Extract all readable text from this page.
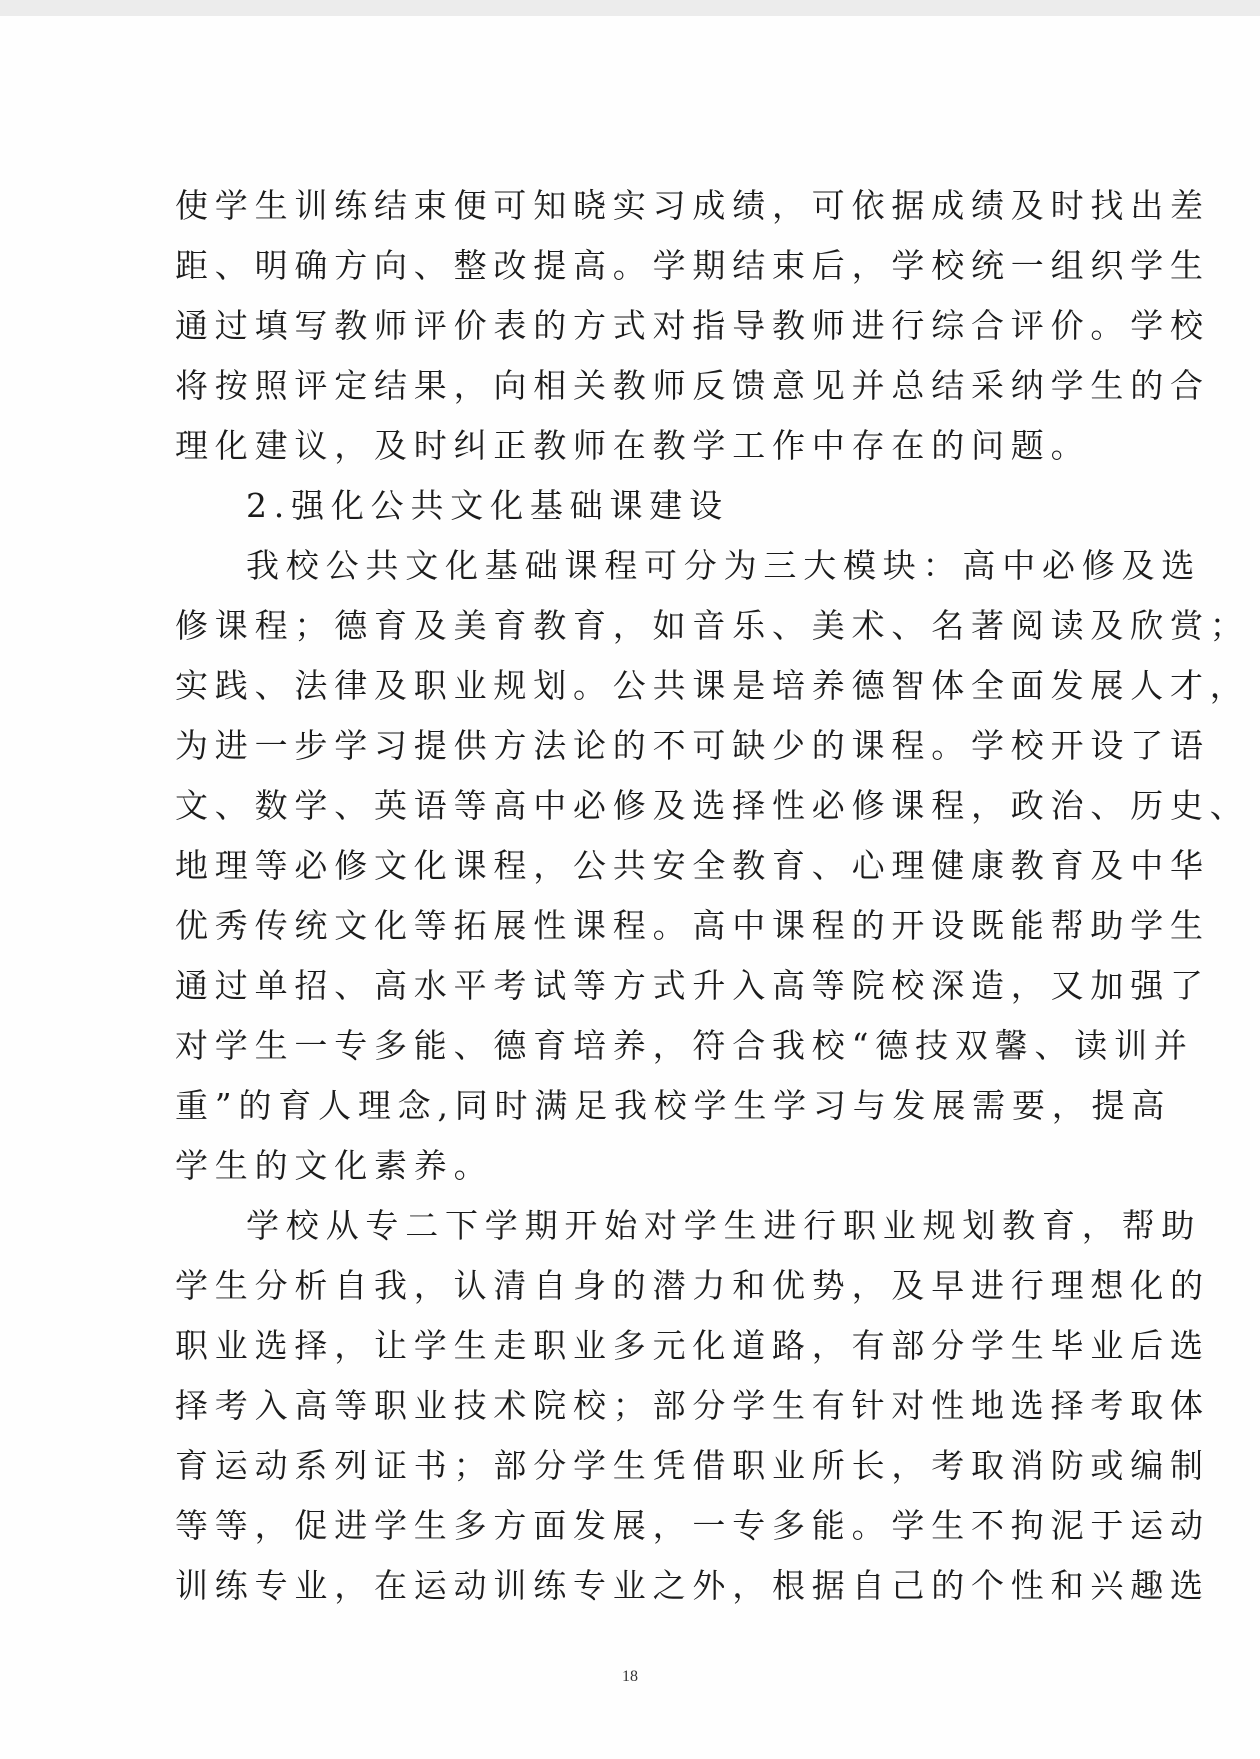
使学生训练结束便可知晓实习成绩，可依据成绩及时找出差
距、明确方向、整改提高。学期结束后，学校统一组织学生
通过填写教师评价表的方式对指导教师进行综合评价。学校
将按照评定结果，向相关教师反馈意见并总结采纳学生的合
理化建议，及时纠正教师在教学工作中存在的问题。
2.强化公共文化基础课建设
我校公共文化基础课程可分为三大模块：高中必修及选
修课程；德育及美育教育，如音乐、美术、名著阅读及欣赏；
实践、法律及职业规划。公共课是培养德智体全面发展人才，
为进一步学习提供方法论的不可缺少的课程。学校开设了语
文、数学、英语等高中必修及选择性必修课程，政治、历史、
地理等必修文化课程，公共安全教育、心理健康教育及中华
优秀传统文化等拓展性课程。高中课程的开设既能帮助学生
通过单招、高水平考试等方式升入高等院校深造，又加强了
对学生一专多能、德育培养，符合我校“德技双馨、读训并
重”的育人理念,同时满足我校学生学习与发展需要，提高
学生的文化素养。
学校从专二下学期开始对学生进行职业规划教育，帮助
学生分析自我，认清自身的潜力和优势，及早进行理想化的
职业选择，让学生走职业多元化道路，有部分学生毕业后选
择考入高等职业技术院校；部分学生有针对性地选择考取体
育运动系列证书；部分学生凭借职业所长，考取消防或编制
等等，促进学生多方面发展，一专多能。学生不拘泥于运动
训练专业，在运动训练专业之外，根据自己的个性和兴趣选
18
